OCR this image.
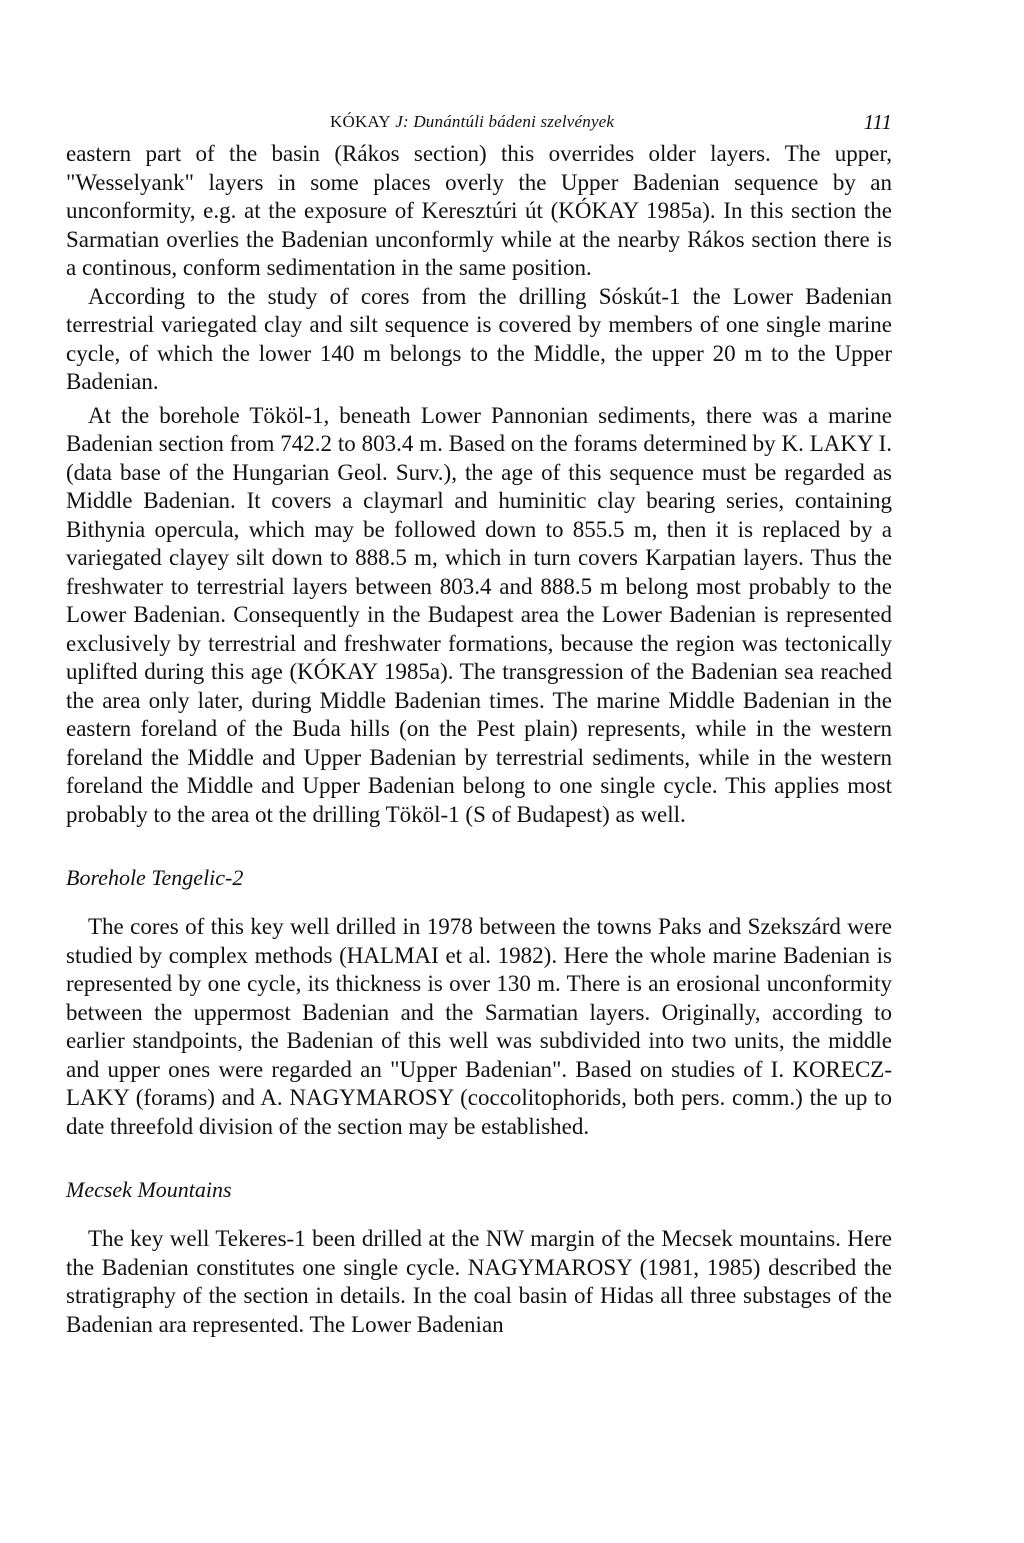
KÓKAY J: Dunántúli bádeni szelvények	111

eastern part of the basin (Rákos section) this overrides older layers. The upper, "Wesselyank" layers in some places overly the Upper Badenian sequence by an unconformity, e.g. at the exposure of Keresztúri út (KÓKAY 1985a). In this section the Sarmatian overlies the Badenian unconformly while at the nearby Rákos section there is a continous, conform sedimentation in the same position.

According to the study of cores from the drilling Sóskút-1 the Lower Badenian terrestrial variegated clay and silt sequence is covered by members of one single marine cycle, of which the lower 140 m belongs to the Middle, the upper 20 m to the Upper Badenian.

At the borehole Tököl-1, beneath Lower Pannonian sediments, there was a marine Badenian section from 742.2 to 803.4 m. Based on the forams determined by K. LAKY I. (data base of the Hungarian Geol. Surv.), the age of this sequence must be regarded as Middle Badenian. It covers a claymarl and huminitic clay bearing series, containing Bithynia opercula, which may be followed down to 855.5 m, then it is replaced by a variegated clayey silt down to 888.5 m, which in turn covers Karpatian layers. Thus the freshwater to terrestrial layers between 803.4 and 888.5 m belong most probably to the Lower Badenian. Consequently in the Budapest area the Lower Badenian is represented exclusively by terrestrial and freshwater formations, because the region was tectonically uplifted during this age (KÓKAY 1985a). The transgression of the Badenian sea reached the area only later, during Middle Badenian times. The marine Middle Badenian in the eastern foreland of the Buda hills (on the Pest plain) represents, while in the western foreland the Middle and Upper Badenian by terrestrial sediments, while in the western foreland the Middle and Upper Badenian belong to one single cycle. This applies most probably to the area ot the drilling Tököl-1 (S of Budapest) as well.

Borehole Tengelic-2

The cores of this key well drilled in 1978 between the towns Paks and Szekszárd were studied by complex methods (HALMAI et al. 1982). Here the whole marine Badenian is represented by one cycle, its thickness is over 130 m. There is an erosional unconformity between the uppermost Badenian and the Sarmatian layers. Originally, according to earlier standpoints, the Badenian of this well was subdivided into two units, the middle and upper ones were regarded an "Upper Badenian". Based on studies of I. KORECZ-LAKY (forams) and A. NAGYMAROSY (coccolitophorids, both pers. comm.) the up to date threefold division of the section may be established.

Mecsek Mountains

The key well Tekeres-1 been drilled at the NW margin of the Mecsek mountains. Here the Badenian constitutes one single cycle. NAGYMAROSY (1981, 1985) described the stratigraphy of the section in details. In the coal basin of Hidas all three substages of the Badenian ara represented. The Lower Badenian
